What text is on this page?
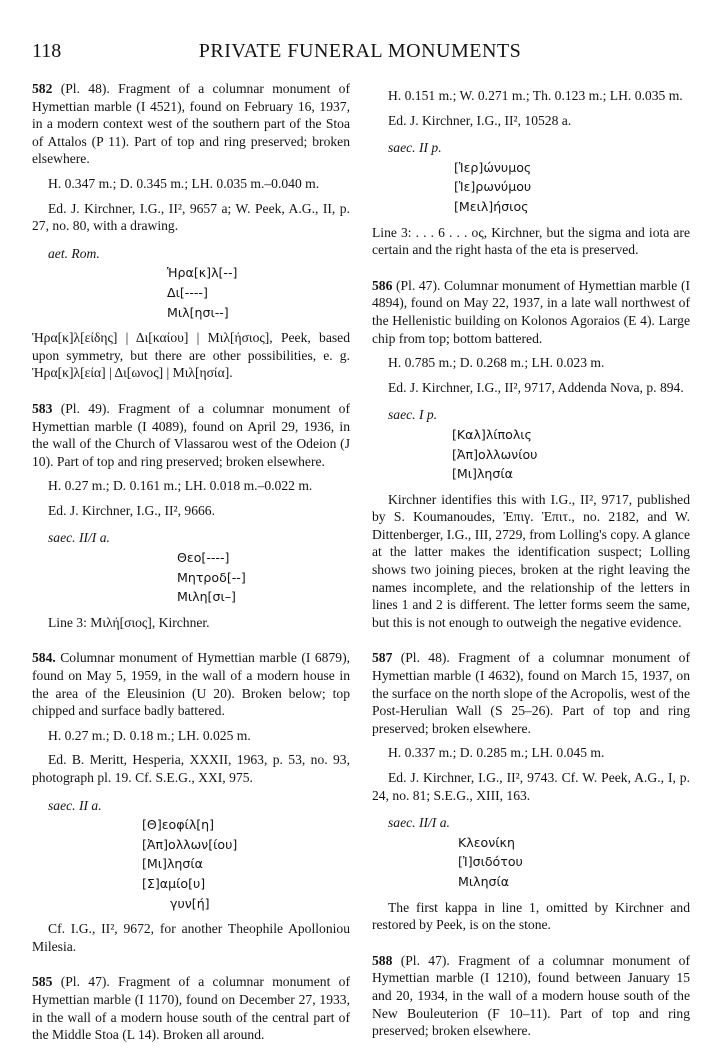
118	PRIVATE FUNERAL MONUMENTS

582 (Pl. 48). Fragment of a columnar monument of Hymettian marble (I 4521), found on February 16, 1937, in a modern context west of the southern part of the Stoa of Attalos (P 11). Part of top and ring preserved; broken elsewhere.

H. 0.347 m.; D. 0.345 m.; LH. 0.035 m.–0.040 m.

Ed. J. Kirchner, I.G., II², 9657 a; W. Peek, A.G., II, p. 27, no. 80, with a drawing.

aet. Rom.

Ἡρα[κ]λ[--]

Δι[----]

Μιλ[ησι--]

Ἡρα[κ]λ[είδης] | Δι[καίου] | Μιλ[ήσιος], Peek, based upon symmetry, but there are other possibilities, e. g. Ἡρα[κ]λ[εία] | Δι[ωνος] | Μιλ[ησία].

583 (Pl. 49). Fragment of a columnar monument of Hymettian marble (I 4089), found on April 29, 1936, in the wall of the Church of Vlassarou west of the Odeion (J 10). Part of top and ring preserved; broken elsewhere.

H. 0.27 m.; D. 0.161 m.; LH. 0.018 m.–0.022 m.

Ed. J. Kirchner, I.G., II², 9666.

saec. II/I a.

Θεο[----]

Μητροδ[--]

Μιλη[σι–]

Line 3: Μιλή[σιος], Kirchner.

584. Columnar monument of Hymettian marble (I 6879), found on May 5, 1959, in the wall of a modern house in the area of the Eleusinion (U 20). Broken below; top chipped and surface badly battered.

H. 0.27 m.; D. 0.18 m.; LH. 0.025 m.

Ed. B. Meritt, Hesperia, XXXII, 1963, p. 53, no. 93, photograph pl. 19. Cf. S.E.G., XXI, 975.

saec. II a.

[Θ]εοφίλ[η]

[Ἀπ]ολλων[ίου]

[Μι]λησία

[Σ]αμίο[υ]

γυν[ή]

Cf. I.G., II², 9672, for another Theophile Apolloniou Milesia.

585 (Pl. 47). Fragment of a columnar monument of Hymettian marble (I 1170), found on December 27, 1933, in the wall of a modern house south of the central part of the Middle Stoa (L 14). Broken all around.

H. 0.151 m.; W. 0.271 m.; Th. 0.123 m.; LH. 0.035 m.

Ed. J. Kirchner, I.G., II², 10528 a.

saec. II p.

[Ἱερ]ώνυμος

[Ἱε]ρωνύμου

[Μειλ]ήσιος

Line 3: . . . 6 . . . ος, Kirchner, but the sigma and iota are certain and the right hasta of the eta is preserved.

586 (Pl. 47). Columnar monument of Hymettian marble (I 4894), found on May 22, 1937, in a late wall northwest of the Hellenistic building on Kolonos Agoraios (E 4). Large chip from top; bottom battered.

H. 0.785 m.; D. 0.268 m.; LH. 0.023 m.

Ed. J. Kirchner, I.G., II², 9717, Addenda Nova, p. 894.

saec. I p.

[Καλ]λίπολις

[Ἀπ]ολλωνίου

[Μι]λησία

Kirchner identifies this with I.G., II², 9717, published by S. Koumanoudes, Ἐπιγ. Ἐπιτ., no. 2182, and W. Dittenberger, I.G., III, 2729, from Lolling's copy. A glance at the latter makes the identification suspect; Lolling shows two joining pieces, broken at the right leaving the names incomplete, and the relationship of the letters in lines 1 and 2 is different. The letter forms seem the same, but this is not enough to outweigh the negative evidence.

587 (Pl. 48). Fragment of a columnar monument of Hymettian marble (I 4632), found on March 15, 1937, on the surface on the north slope of the Acropolis, west of the Post-Herulian Wall (S 25–26). Part of top and ring preserved; broken elsewhere.

H. 0.337 m.; D. 0.285 m.; LH. 0.045 m.

Ed. J. Kirchner, I.G., II², 9743. Cf. W. Peek, A.G., I, p. 24, no. 81; S.E.G., XIII, 163.

saec. II/I a.

Κλεονίκη

[Ἰ]σιδότου

Μιλησία

The first kappa in line 1, omitted by Kirchner and restored by Peek, is on the stone.

588 (Pl. 47). Fragment of a columnar monument of Hymettian marble (I 1210), found between January 15 and 20, 1934, in the wall of a modern house south of the New Bouleuterion (F 10–11). Part of top and ring preserved; broken elsewhere.
